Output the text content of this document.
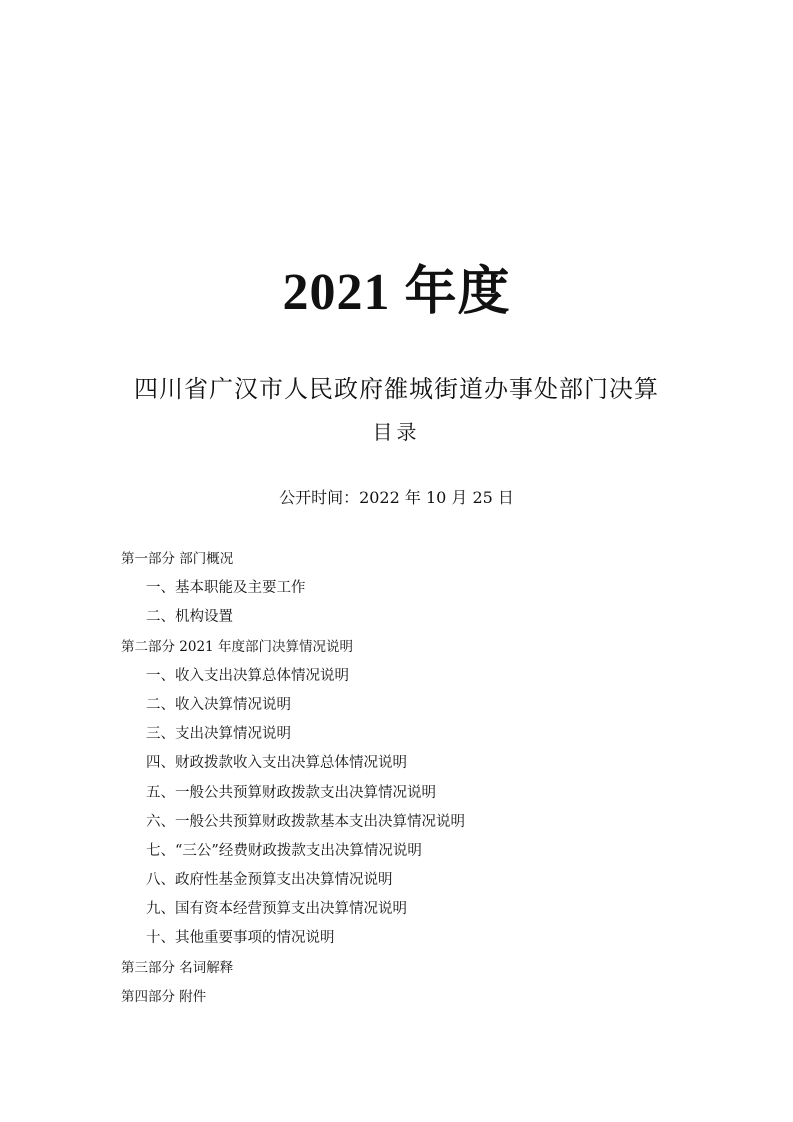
2021 年度
四川省广汉市人民政府雒城街道办事处部门决算
目录
公开时间：2022 年 10 月 25 日
第一部分 部门概况
一、基本职能及主要工作
二、机构设置
第二部分 2021 年度部门决算情况说明
一、收入支出决算总体情况说明
二、收入决算情况说明
三、支出决算情况说明
四、财政拨款收入支出决算总体情况说明
五、一般公共预算财政拨款支出决算情况说明
六、一般公共预算财政拨款基本支出决算情况说明
七、“三公”经费财政拨款支出决算情况说明
八、政府性基金预算支出决算情况说明
九、国有资本经营预算支出决算情况说明
十、其他重要事项的情况说明
第三部分 名词解释
第四部分 附件
